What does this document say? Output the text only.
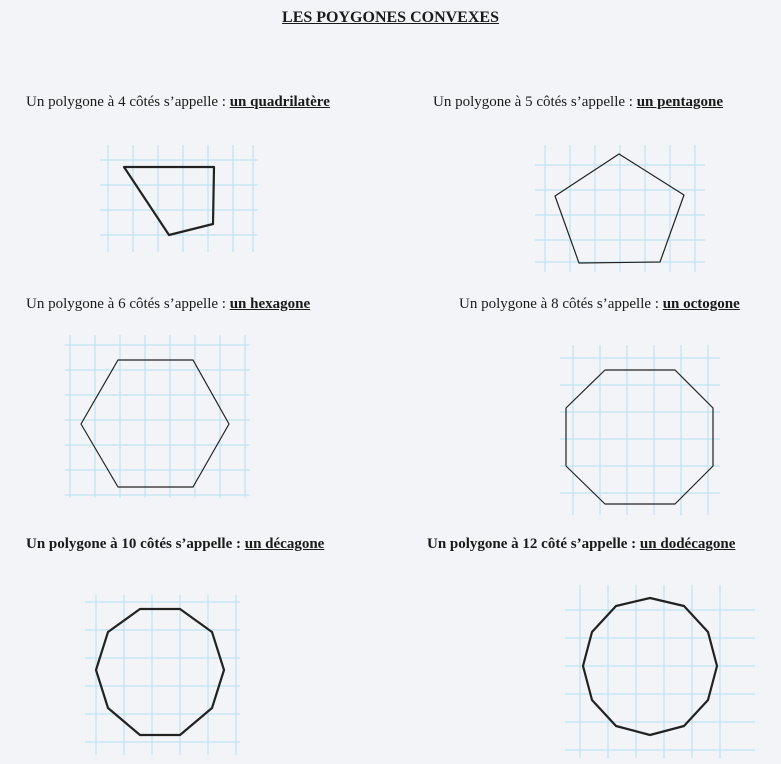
LES POYGONES CONVEXES
Un polygone à 4 côtés s’appelle : un quadrilatère	Un polygone à 5 côtés s’appelle : un pentagone
Un polygone à 6 côtés s’appelle : un hexagone	Un polygone à 8 côtés s’appelle : un octogone
Un polygone à 10 côtés s’appelle : un décagone	Un polygone à 12 côté s’appelle : un dodécagone
